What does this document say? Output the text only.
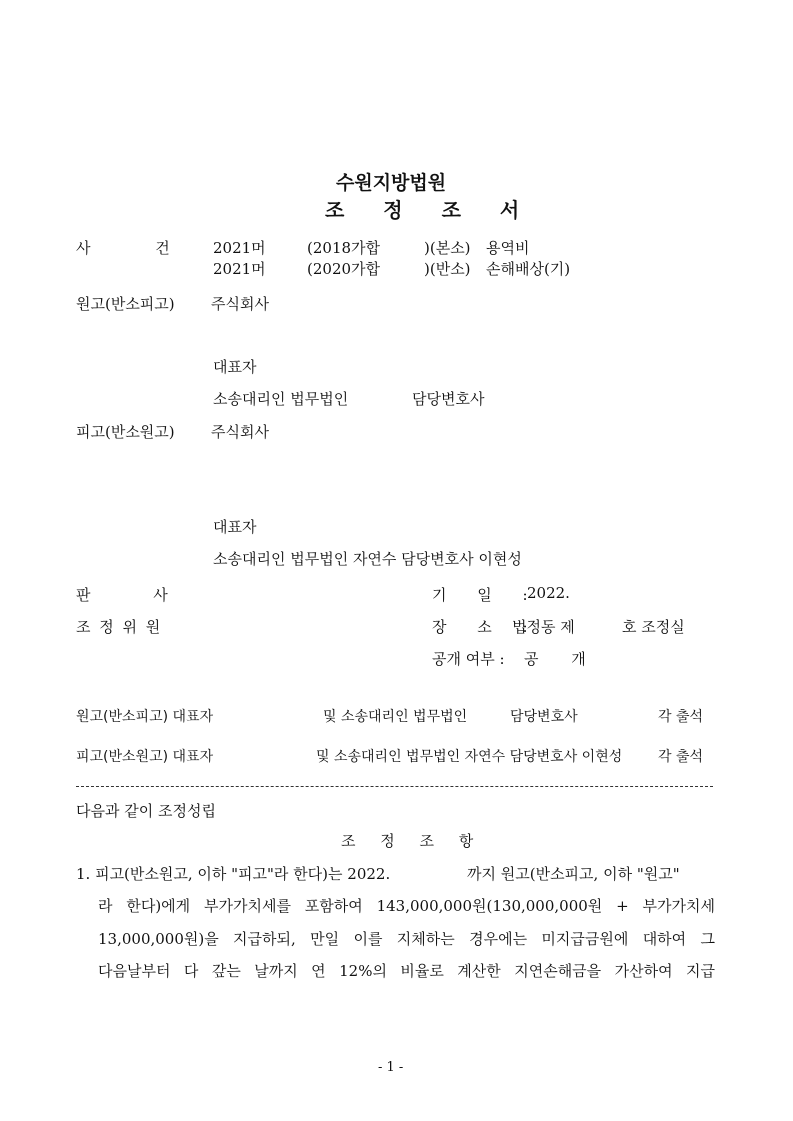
수원지방법원
조 정 조 서
사 건	2021머	(2018가합	)(본소) 용역비
2021머	(2020가합	)(반소) 손해배상(기)
원고(반소피고) 주식회사
대표자
소송대리인 법무법인	담당변호사
피고(반소원고) 주식회사
대표자
소송대리인 법무법인 자연수 담당변호사 이현성
판 사
조 정 위 원
기 일 : 2022.
장 소 :
법정동 제	호 조정실
공개 여부 : 공 개
원고(반소피고) 대표자	및 소송대리인 법무법인	담당변호사	각 출석
피고(반소원고) 대표자	및 소송대리인 법무법인 자연수 담당변호사 이현성	각 출석
다음과 같이 조정성립
조 정 조 항
1. 피고(반소원고, 이하 "피고"라 한다)는 2022.	까지 원고(반소피고, 이하 "원고"
라 한다)에게 부가가치세를 포함하여 143,000,000원(130,000,000원 + 부가가치세
13,000,000원)을 지급하되, 만일 이를 지체하는 경우에는 미지급금원에 대하여 그
다음날부터 다 갚는 날까지 연 12%의 비율로 계산한 지연손해금을 가산하여 지급
- 1 -
